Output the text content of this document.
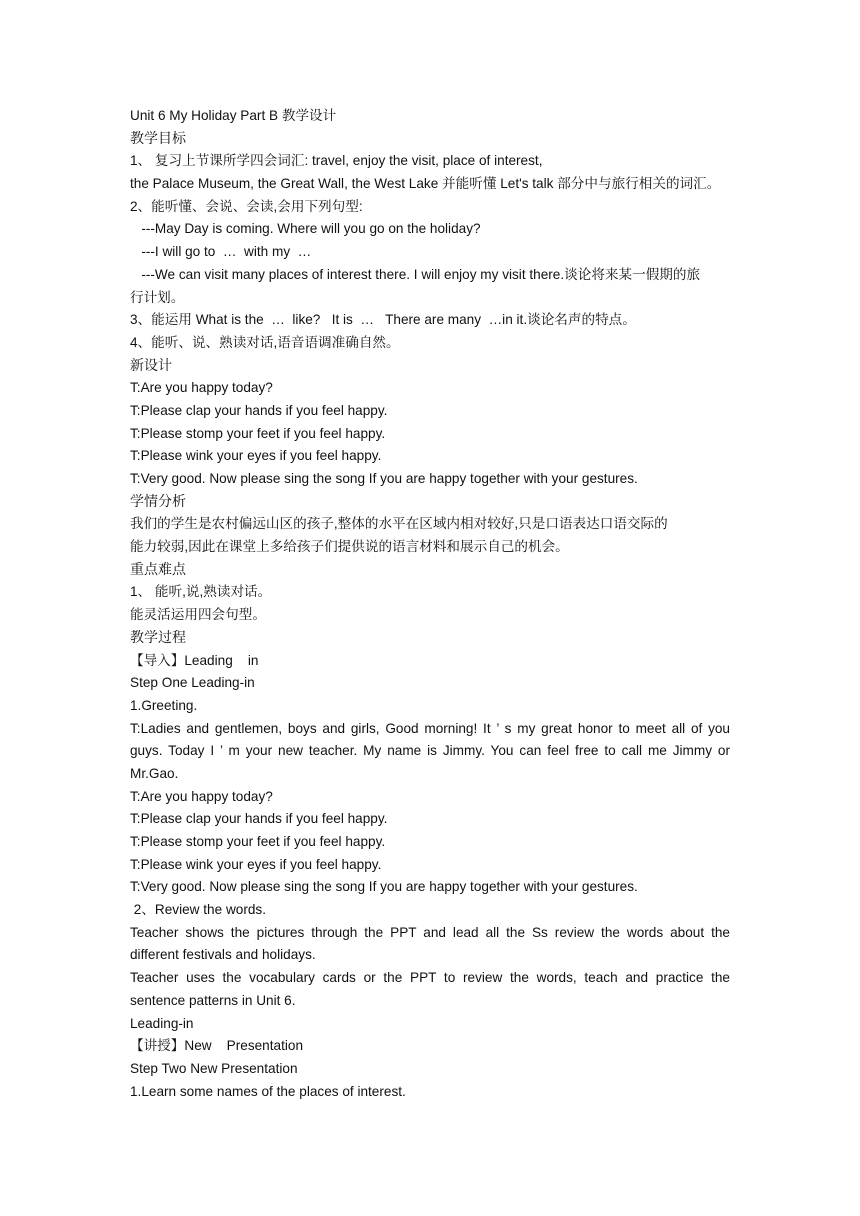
Unit 6 My Holiday Part B 教学设计
教学目标
1、 复习上节课所学四会词汇: travel, enjoy the visit, place of interest,
the Palace Museum, the Great Wall, the West Lake 并能听懂 Let's talk 部分中与旅行相关的词汇。
2、能听懂、会说、会读,会用下列句型:
---May Day is coming. Where will you go on the holiday?
---I will go to  …  with my  …
---We can visit many places of interest there. I will enjoy my visit there.谈论将来某一假期的旅
行计划。
3、能运用 What is the  …  like?   It is  …   There are many  …in it.谈论名声的特点。
4、能听、说、熟读对话,语音语调准确自然。
新设计
T:Are you happy today?
T:Please clap your hands if you feel happy.
T:Please stomp your feet if you feel happy.
T:Please wink your eyes if you feel happy.
T:Very good. Now please sing the song If you are happy together with your gestures.
学情分析
我们的学生是农村偏远山区的孩子,整体的水平在区域内相对较好,只是口语表达口语交际的
能力较弱,因此在课堂上多给孩子们提供说的语言材料和展示自己的机会。
重点难点
1、 能听,说,熟读对话。
能灵活运用四会句型。
教学过程
【导入】Leading    in
Step One Leading-in
1.Greeting.
T:Ladies and gentlemen, boys and girls, Good morning! It ’ s my great honor to meet all of you
guys. Today I ’ m your new teacher. My name is Jimmy. You can feel free to call me Jimmy or
Mr.Gao.
T:Are you happy today?
T:Please clap your hands if you feel happy.
T:Please stomp your feet if you feel happy.
T:Please wink your eyes if you feel happy.
T:Very good. Now please sing the song If you are happy together with your gestures.
2、Review the words.
Teacher shows the pictures through the PPT and lead all the Ss review the words about the
different festivals and holidays.
Teacher uses the vocabulary cards or the PPT to review the words, teach and practice the
sentence patterns in Unit 6.
Leading-in
【讲授】New    Presentation
Step Two New Presentation
1.Learn some names of the places of interest.
